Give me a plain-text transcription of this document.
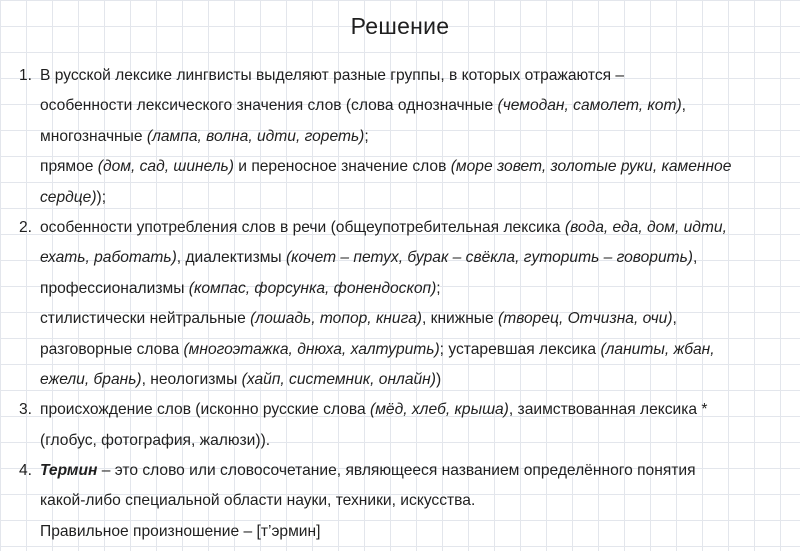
Решение
1. В русской лексике лингвисты выделяют разные группы, в которых отражаются –
особенности лексического значения слов (слова однозначные (чемодан, самолет, кот),
многозначные (лампа, волна, идти, гореть);
прямое (дом, сад, шинель) и переносное значение слов (море зовет, золотые руки, каменное
сердце));
2. особенности употребления слов в речи (общеупотребительная лексика (вода, еда, дом, идти,
ехать, работать), диалектизмы (кочет – петух, бурак – свёкла, гуторить – говорить),
профессионализмы (компас, форсунка, фонендоскоп);
стилистически нейтральные (лошадь, топор, книга), книжные (творец, Отчизна, очи),
разговорные слова (многоэтажка, днюха, халтурить); устаревшая лексика (ланиты, жбан,
ежели, брань), неологизмы (хайп, системник, онлайн))
3. происхождение слов (исконно русские слова (мёд, хлеб, крыша), заимствованная лексика *
(глобус, фотография, жалюзи)).
4. Термин – это слово или словосочетание, являющееся названием определённого понятия
какой-либо специальной области науки, техники, искусства.
Правильное произношение – [т’эрмин]
